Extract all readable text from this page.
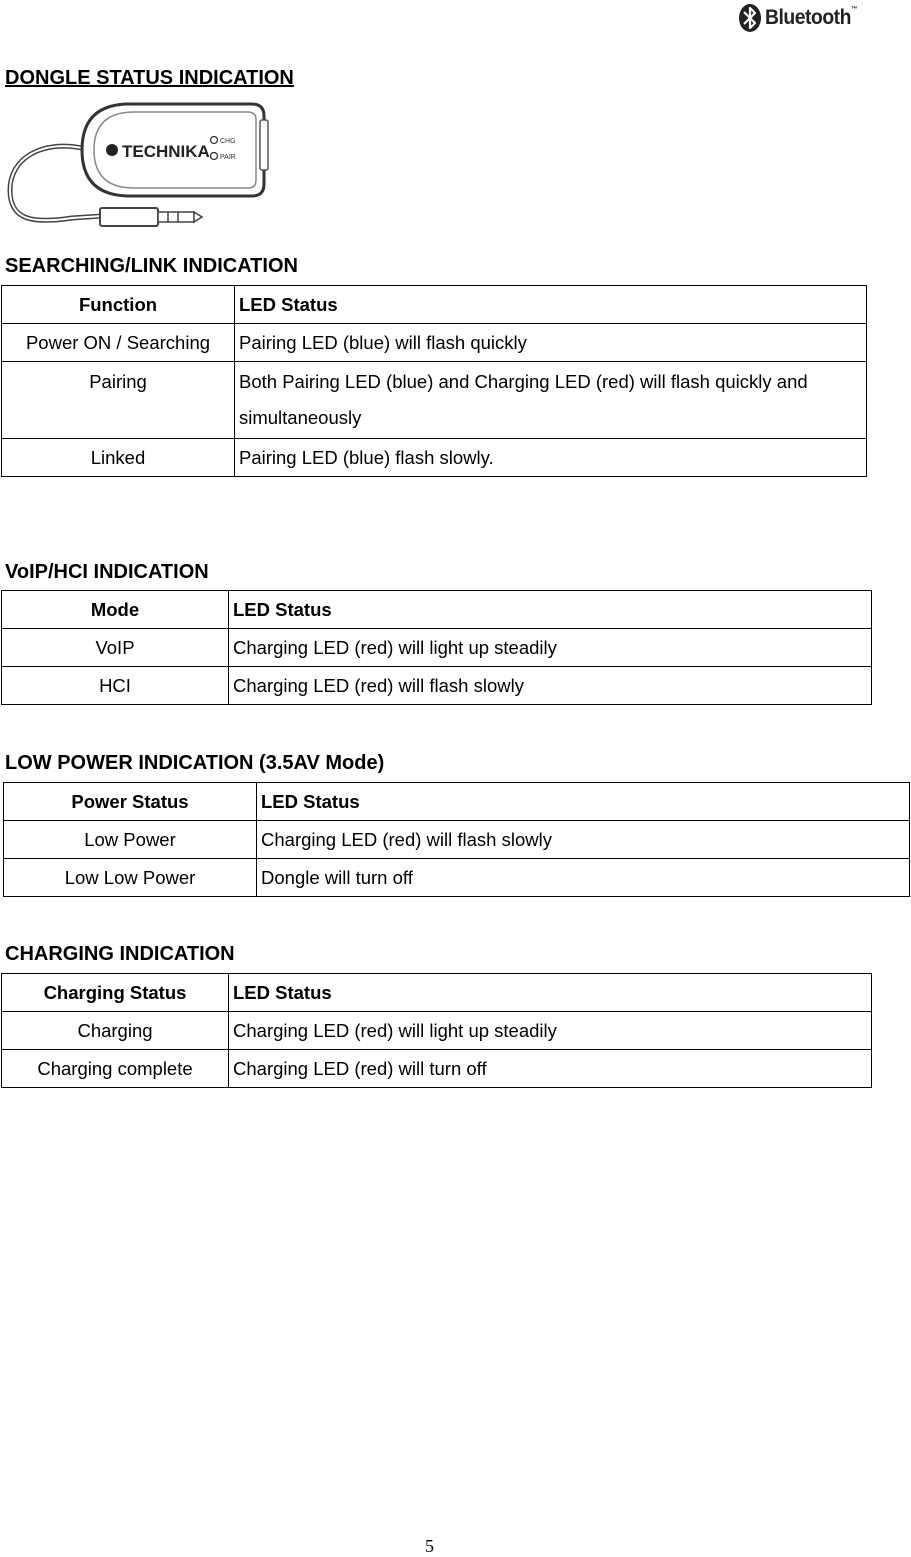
Bluetooth™
DONGLE STATUS INDICATION
TECHNIKA
CHG
PAIR
SEARCHING/LINK INDICATION
Function	LED Status
Power ON / Searching	Pairing LED (blue) will flash quickly
Pairing	Both Pairing LED (blue) and Charging LED (red) will flash quickly and simultaneously
Linked	Pairing LED (blue) flash slowly.
VoIP/HCI INDICATION
Mode	LED Status
VoIP	Charging LED (red) will light up steadily
HCI	Charging LED (red) will flash slowly
LOW POWER INDICATION (3.5AV Mode)
Power Status	LED Status
Low Power	Charging LED (red) will flash slowly
Low Low Power	Dongle will turn off
CHARGING INDICATION
Charging Status	LED Status
Charging	Charging LED (red) will light up steadily
Charging complete	Charging LED (red) will turn off
5
